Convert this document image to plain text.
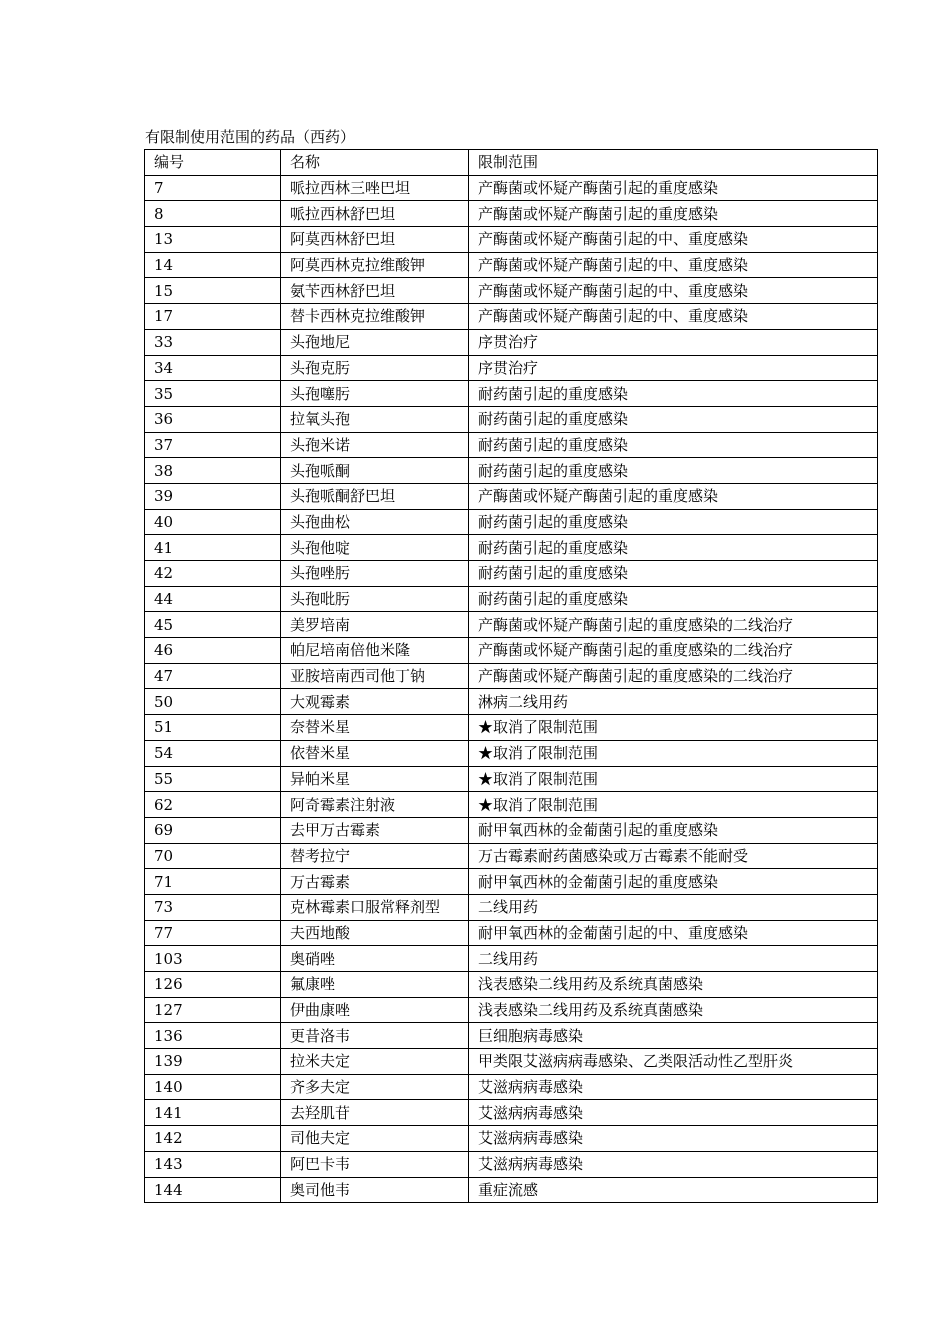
有限制使用范围的药品（西药）
编号	名称	限制范围
7	哌拉西林三唑巴坦	产酶菌或怀疑产酶菌引起的重度感染
8	哌拉西林舒巴坦	产酶菌或怀疑产酶菌引起的重度感染
13	阿莫西林舒巴坦	产酶菌或怀疑产酶菌引起的中、重度感染
14	阿莫西林克拉维酸钾	产酶菌或怀疑产酶菌引起的中、重度感染
15	氨苄西林舒巴坦	产酶菌或怀疑产酶菌引起的中、重度感染
17	替卡西林克拉维酸钾	产酶菌或怀疑产酶菌引起的中、重度感染
33	头孢地尼	序贯治疗
34	头孢克肟	序贯治疗
35	头孢噻肟	耐药菌引起的重度感染
36	拉氧头孢	耐药菌引起的重度感染
37	头孢米诺	耐药菌引起的重度感染
38	头孢哌酮	耐药菌引起的重度感染
39	头孢哌酮舒巴坦	产酶菌或怀疑产酶菌引起的重度感染
40	头孢曲松	耐药菌引起的重度感染
41	头孢他啶	耐药菌引起的重度感染
42	头孢唑肟	耐药菌引起的重度感染
44	头孢吡肟	耐药菌引起的重度感染
45	美罗培南	产酶菌或怀疑产酶菌引起的重度感染的二线治疗
46	帕尼培南倍他米隆	产酶菌或怀疑产酶菌引起的重度感染的二线治疗
47	亚胺培南西司他丁钠	产酶菌或怀疑产酶菌引起的重度感染的二线治疗
50	大观霉素	淋病二线用药
51	奈替米星	★取消了限制范围
54	依替米星	★取消了限制范围
55	异帕米星	★取消了限制范围
62	阿奇霉素注射液	★取消了限制范围
69	去甲万古霉素	耐甲氧西林的金葡菌引起的重度感染
70	替考拉宁	万古霉素耐药菌感染或万古霉素不能耐受
71	万古霉素	耐甲氧西林的金葡菌引起的重度感染
73	克林霉素口服常释剂型	二线用药
77	夫西地酸	耐甲氧西林的金葡菌引起的中、重度感染
103	奥硝唑	二线用药
126	氟康唑	浅表感染二线用药及系统真菌感染
127	伊曲康唑	浅表感染二线用药及系统真菌感染
136	更昔洛韦	巨细胞病毒感染
139	拉米夫定	甲类限艾滋病病毒感染、乙类限活动性乙型肝炎
140	齐多夫定	艾滋病病毒感染
141	去羟肌苷	艾滋病病毒感染
142	司他夫定	艾滋病病毒感染
143	阿巴卡韦	艾滋病病毒感染
144	奥司他韦	重症流感
